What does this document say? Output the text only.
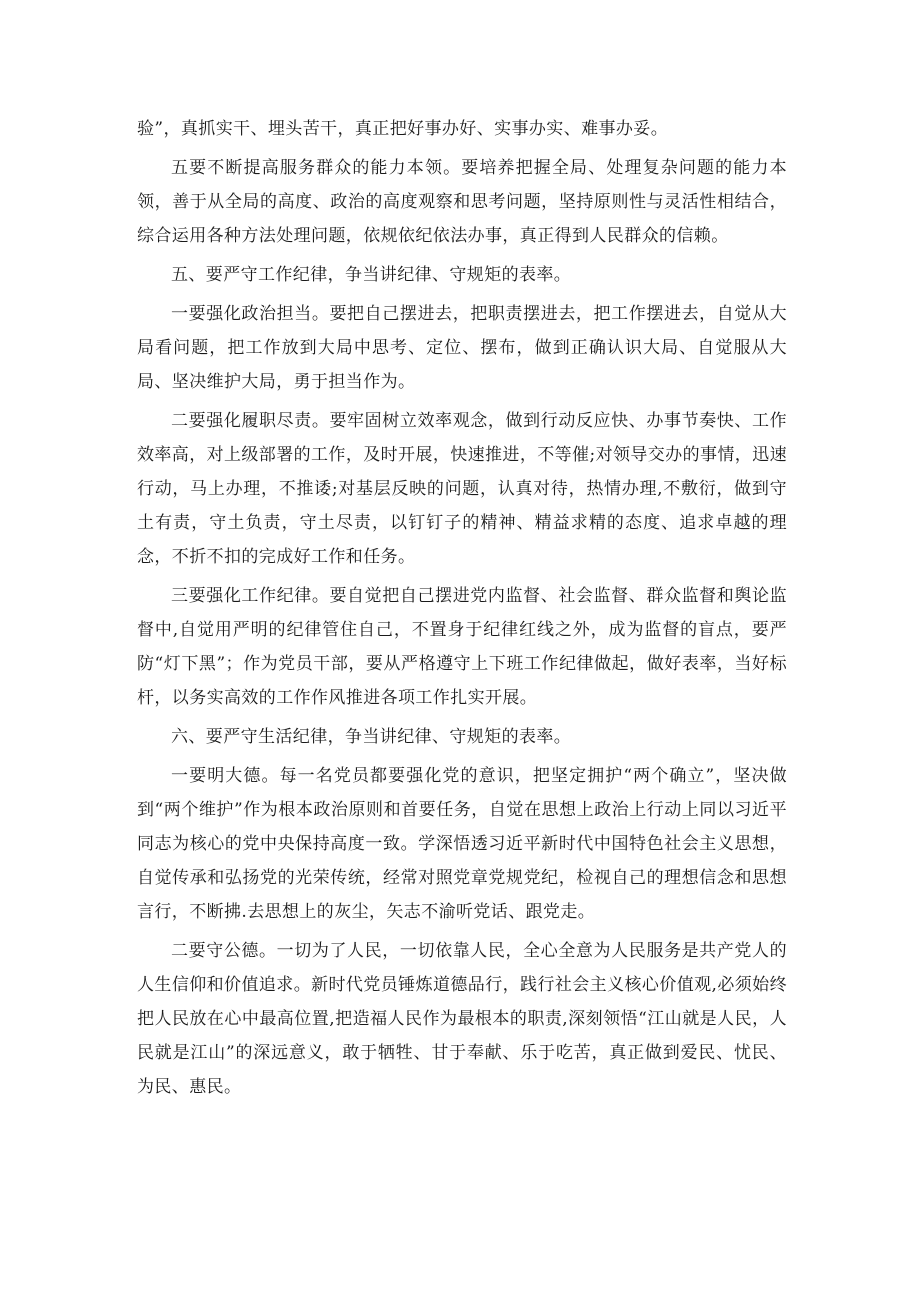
验”，真抓实干、埋头苦干，真正把好事办好、实事办实、难事办妥。

五要不断提高服务群众的能力本领。要培养把握全局、处理复杂问题的能力本领，善于从全局的高度、政治的高度观察和思考问题，坚持原则性与灵活性相结合，综合运用各种方法处理问题，依规依纪依法办事，真正得到人民群众的信赖。

五、要严守工作纪律，争当讲纪律、守规矩的表率。

一要强化政治担当。要把自己摆进去，把职责摆进去，把工作摆进去，自觉从大局看问题，把工作放到大局中思考、定位、摆布，做到正确认识大局、自觉服从大局、坚决维护大局，勇于担当作为。

二要强化履职尽责。要牢固树立效率观念，做到行动反应快、办事节奏快、工作效率高，对上级部署的工作，及时开展，快速推进，不等催;对领导交办的事情，迅速行动，马上办理，不推诿;对基层反映的问题，认真对待，热情办理,不敷衍，做到守土有责，守土负责，守土尽责，以钉钉子的精神、精益求精的态度、追求卓越的理念，不折不扣的完成好工作和任务。

三要强化工作纪律。要自觉把自己摆进党内监督、社会监督、群众监督和舆论监督中,自觉用严明的纪律管住自己，不置身于纪律红线之外，成为监督的盲点，要严防“灯下黑”；作为党员干部，要从严格遵守上下班工作纪律做起，做好表率，当好标杆，以务实高效的工作作风推进各项工作扎实开展。

六、要严守生活纪律，争当讲纪律、守规矩的表率。

一要明大德。每一名党员都要强化党的意识，把坚定拥护“两个确立”，坚决做到“两个维护”作为根本政治原则和首要任务，自觉在思想上政治上行动上同以习近平同志为核心的党中央保持高度一致。学深悟透习近平新时代中国特色社会主义思想，自觉传承和弘扬党的光荣传统，经常对照党章党规党纪，检视自己的理想信念和思想言行，不断拂.去思想上的灰尘，矢志不渝听党话、跟党走。

二要守公德。一切为了人民，一切依靠人民，全心全意为人民服务是共产党人的人生信仰和价值追求。新时代党员锤炼道德品行，践行社会主义核心价值观,必须始终把人民放在心中最高位置,把造福人民作为最根本的职责,深刻领悟“江山就是人民，人民就是江山”的深远意义，敢于牺牲、甘于奉献、乐于吃苦，真正做到爱民、忧民、为民、惠民。
